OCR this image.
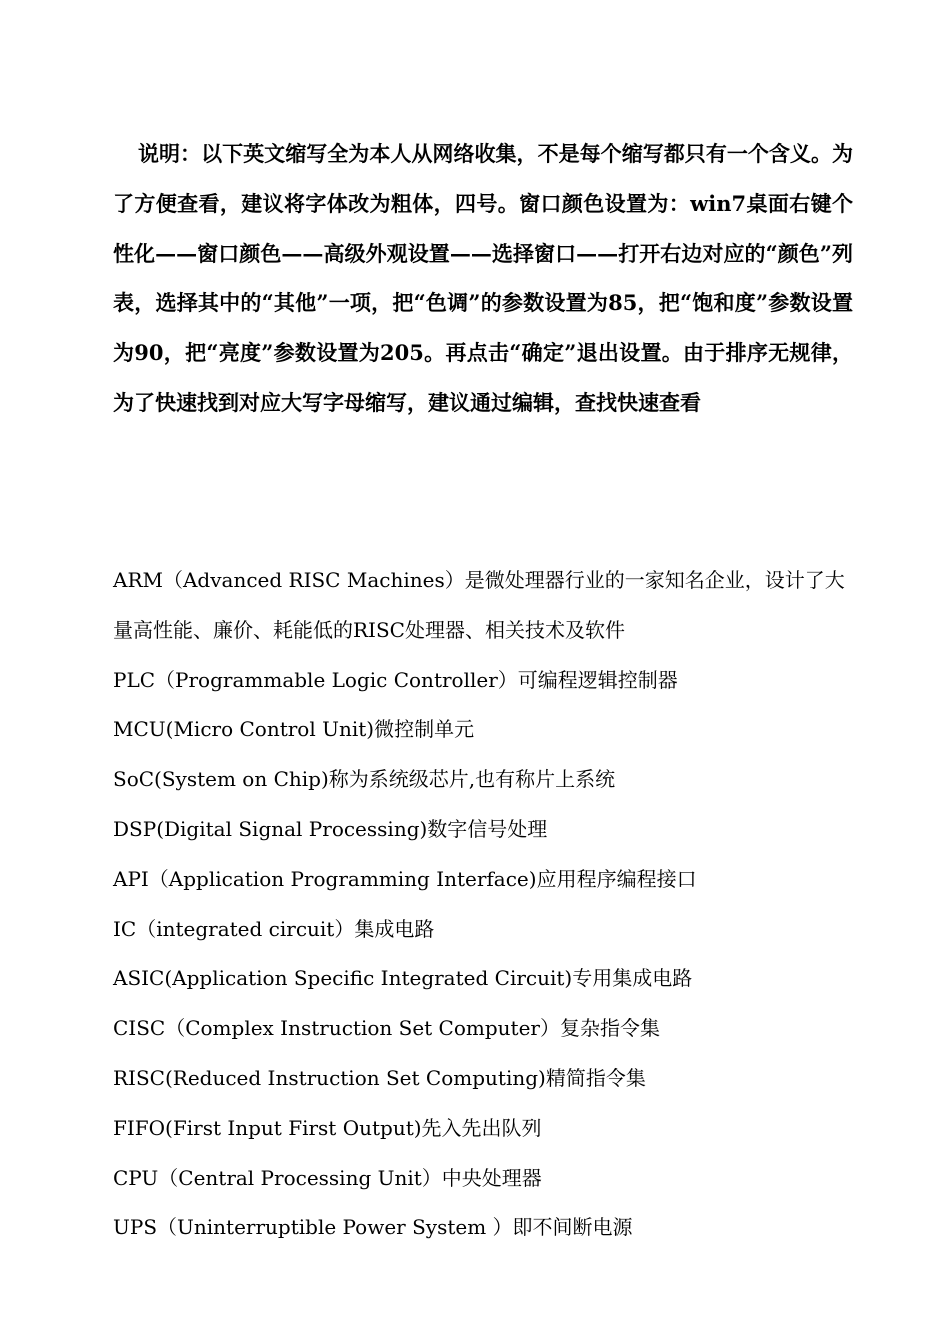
说明：以下英文缩写全为本人从网络收集，不是每个缩写都只有一个含义。为了方便查看，建议将字体改为粗体，四号。窗口颜色设置为：win7桌面右键个性化——窗口颜色——高级外观设置——选择窗口——打开右边对应的“颜色”列表，选择其中的“其他”一项，把“色调”的参数设置为85，把“饱和度”参数设置为90，把“亮度”参数设置为205。再点击“确定”退出设置。由于排序无规律，为了快速找到对应大写字母缩写，建议通过编辑，查找快速查看

ARM（Advanced RISC Machines）是微处理器行业的一家知名企业，设计了大量高性能、廉价、耗能低的RISC处理器、相关技术及软件
PLC（Programmable Logic Controller）可编程逻辑控制器
MCU(Micro Control Unit)微控制单元
SoC(System on Chip)称为系统级芯片,也有称片上系统
DSP(Digital Signal Processing)数字信号处理
API（Application Programming Interface)应用程序编程接口
IC（integrated circuit）集成电路
ASIC(Application Specific Integrated Circuit)专用集成电路
CISC（Complex Instruction Set Computer）复杂指令集
RISC(Reduced Instruction Set Computing)精简指令集
FIFO(First Input First Output)先入先出队列
CPU（Central Processing Unit）中央处理器
UPS（Uninterruptible Power System ）即不间断电源
